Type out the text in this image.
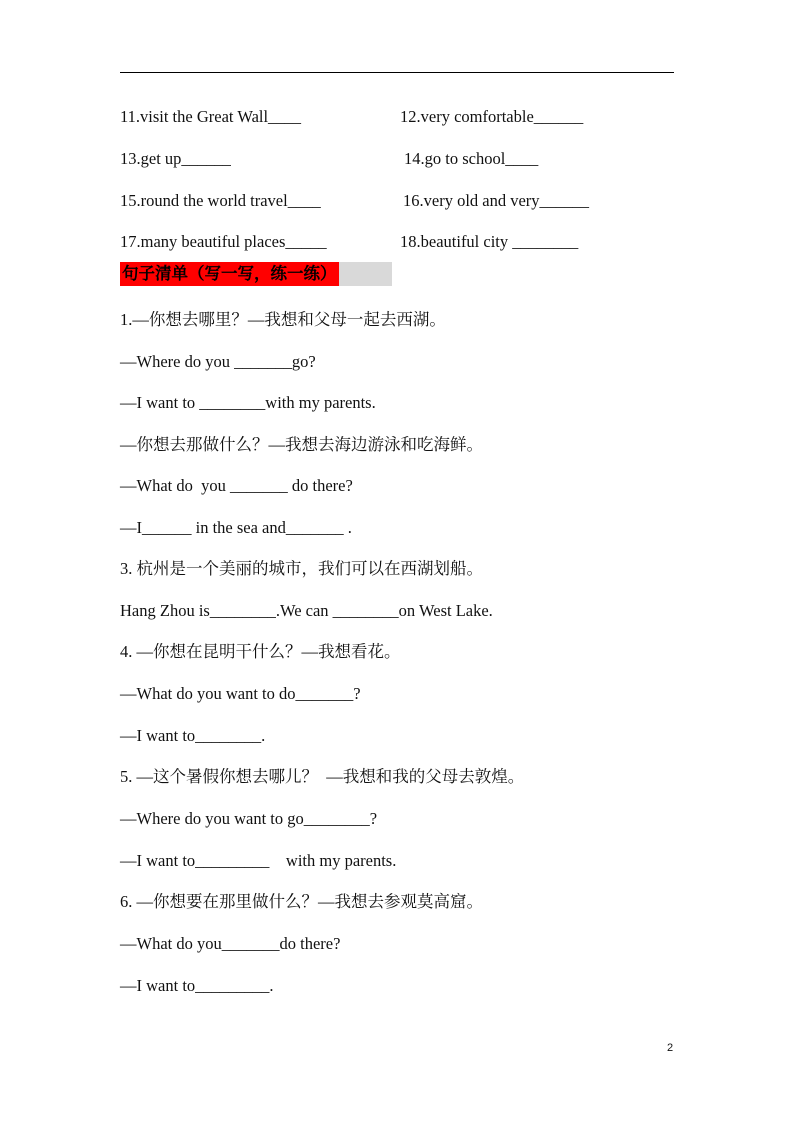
11.visit the Great Wall____	12.very comfortable______
13.get up______	14.go to school____
15.round the world travel____	16.very old and very______
17.many beautiful places_____	18.beautiful city ________
句子清单（写一写，练一练）
1.—你想去哪里？—我想和父母一起去西湖。
—Where do you _______go?
—I want to ________with my parents.
—你想去那做什么？—我想去海边游泳和吃海鲜。
—What do  you _______ do there?
—I______ in the sea and_______ .
3. 杭州是一个美丽的城市，我们可以在西湖划船。
Hang Zhou is________.We can ________on West Lake.
4. —你想在昆明干什么？—我想看花。
—What do you want to do_______?
—I want to________.
5. —这个暑假你想去哪儿？  —我想和我的父母去敦煌。
—Where do you want to go________?
—I want to_________    with my parents.
6. —你想要在那里做什么？—我想去参观莫高窟。
—What do you_______do there?
—I want to_________.
2
